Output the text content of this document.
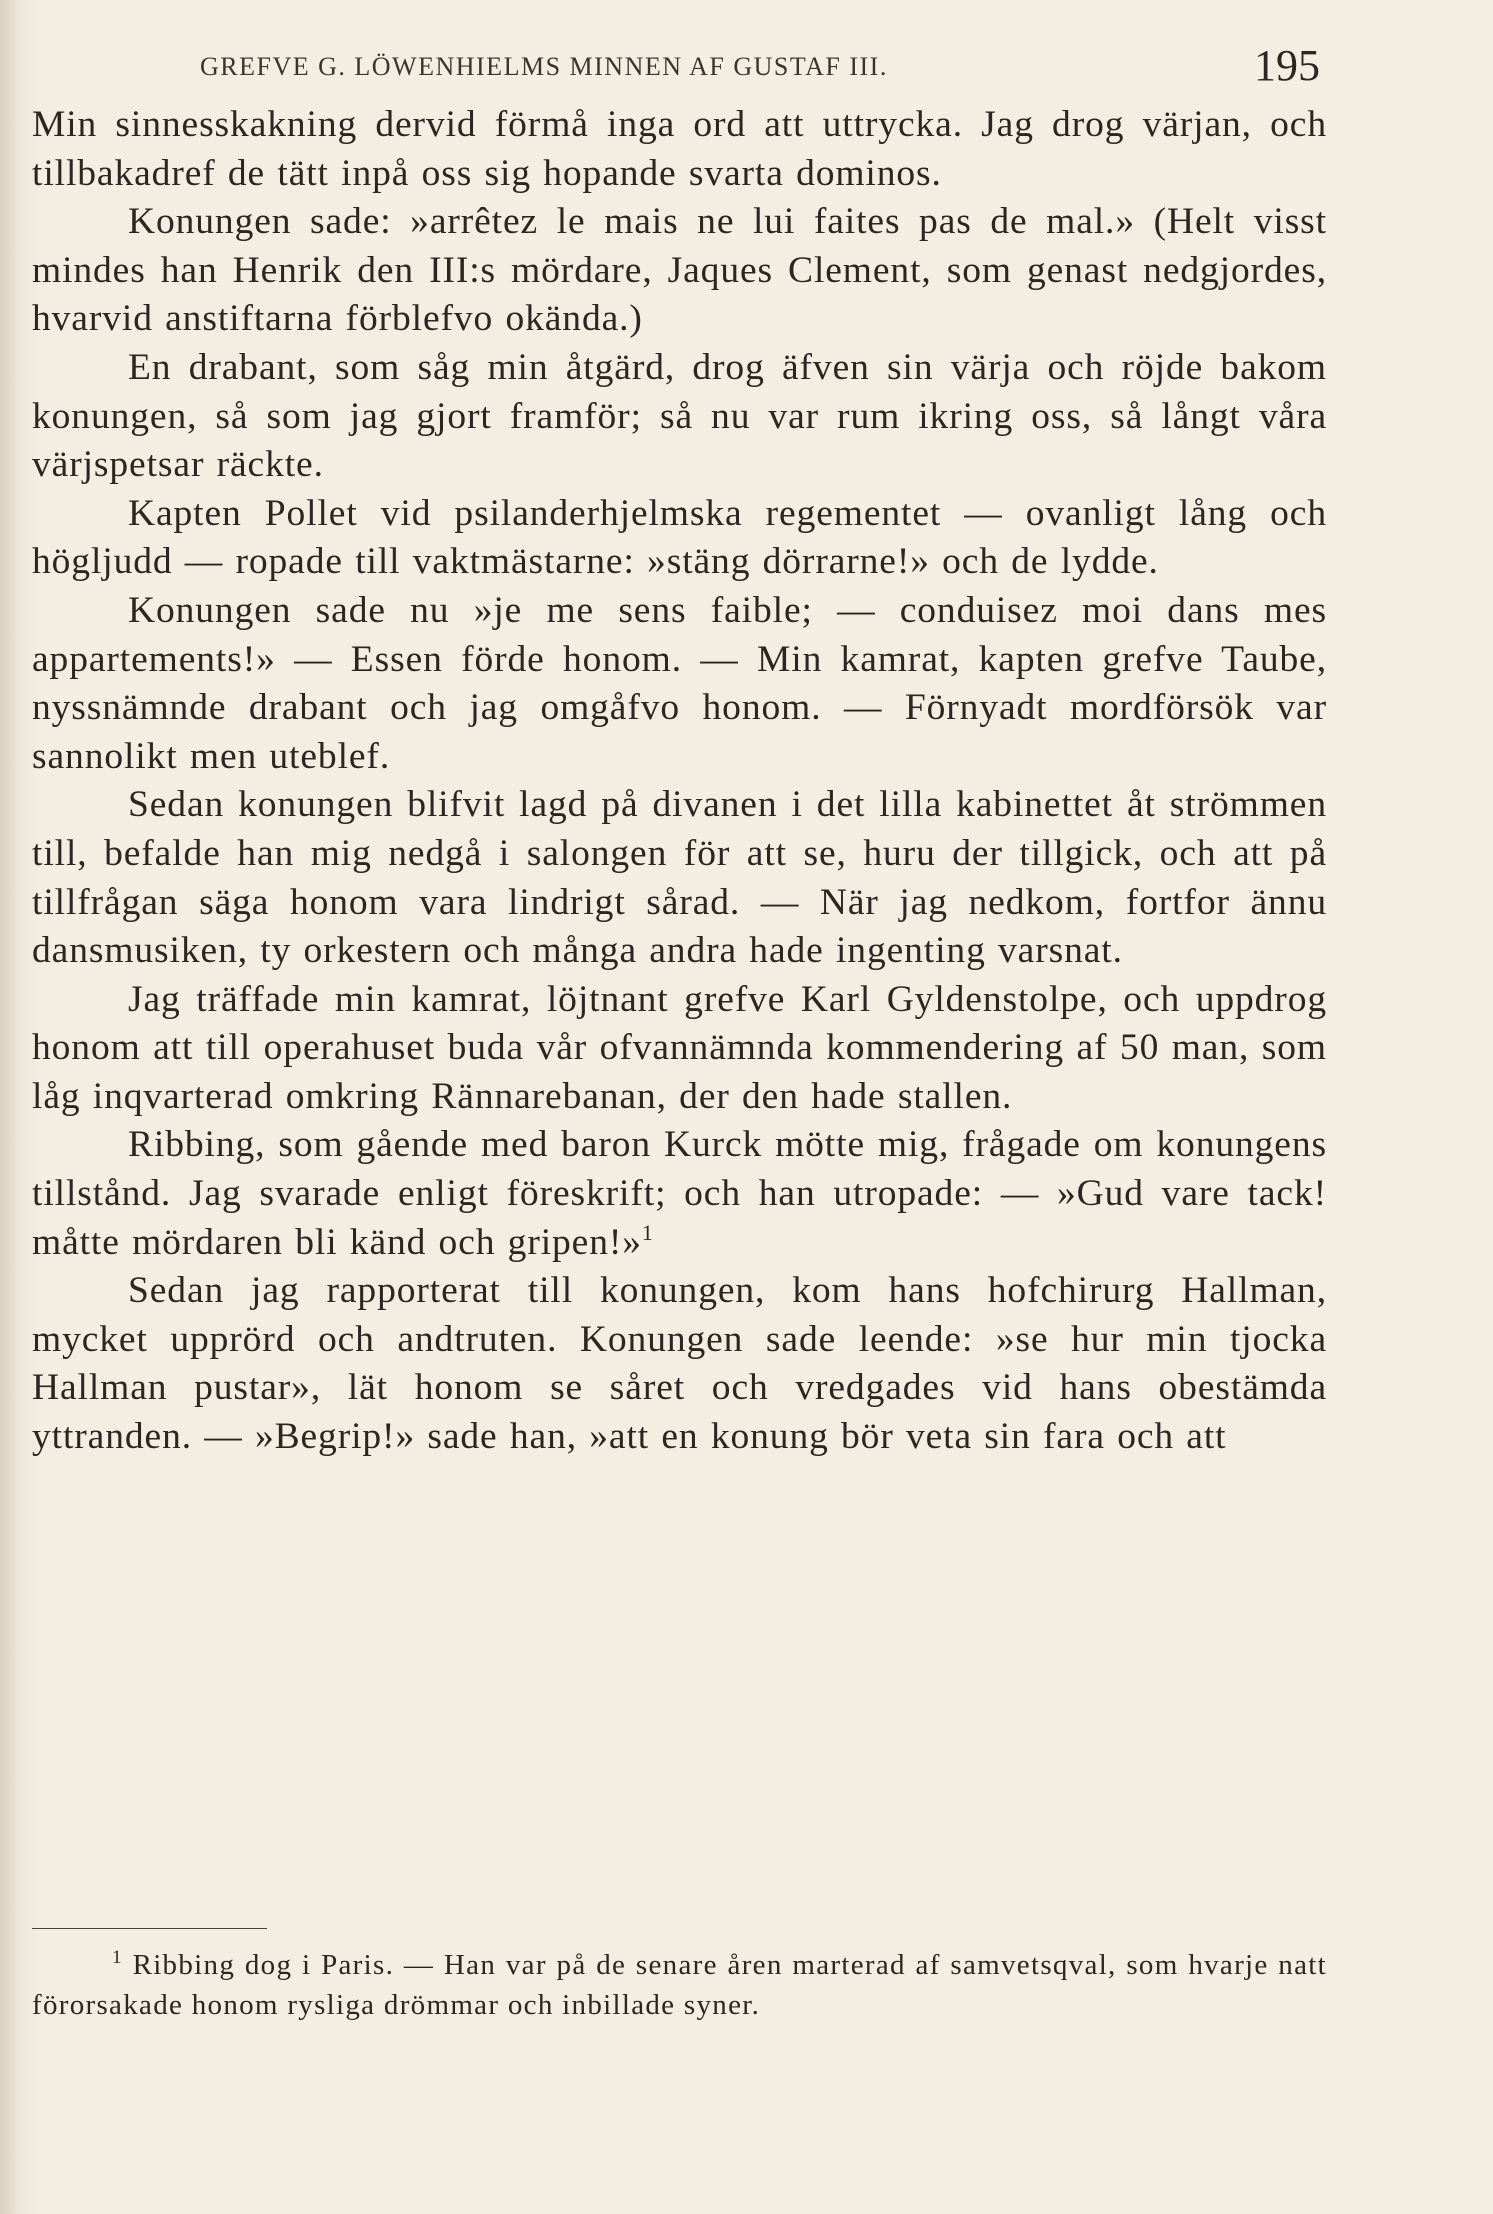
GREFVE G. LÖWENHIELMS MINNEN AF GUSTAF III.	195

Min sinnesskakning dervid förmå inga ord att uttrycka. Jag drog värjan, och tillbakadref de tätt inpå oss sig hopande svarta dominos.

Konungen sade: »arrêtez le mais ne lui faites pas de mal.» (Helt visst mindes han Henrik den III:s mördare, Jaques Clement, som genast nedgjordes, hvarvid anstiftarna förblefvo okända.)

En drabant, som såg min åtgärd, drog äfven sin värja och röjde bakom konungen, så som jag gjort framför; så nu var rum ikring oss, så långt våra värjspetsar räckte.

Kapten Pollet vid psilanderhjelmska regementet — ovanligt lång och högljudd — ropade till vaktmästarne: »stäng dörrarne!» och de lydde.

Konungen sade nu »je me sens faible; — conduisez moi dans mes appartements!» — Essen förde honom. — Min kamrat, kapten grefve Taube, nyssnämnde drabant och jag omgåfvo honom. — Förnyadt mordförsök var sannolikt men uteblef.

Sedan konungen blifvit lagd på divanen i det lilla kabinettet åt strömmen till, befalde han mig nedgå i salongen för att se, huru der tillgick, och att på tillfrågan säga honom vara lindrigt sårad. — När jag nedkom, fortfor ännu dansmusiken, ty orkestern och många andra hade ingenting varsnat.

Jag träffade min kamrat, löjtnant grefve Karl Gyldenstolpe, och uppdrog honom att till operahuset buda vår ofvannämnda kommendering af 50 man, som låg inqvarterad omkring Rännarebanan, der den hade stallen.

Ribbing, som gående med baron Kurck mötte mig, frågade om konungens tillstånd. Jag svarade enligt föreskrift; och han utropade: — »Gud vare tack! måtte mördaren bli känd och gripen!»$^1$

Sedan jag rapporterat till konungen, kom hans hofchirurg Hallman, mycket upprörd och andtruten. Konungen sade leende: »se hur min tjocka Hallman pustar», lät honom se såret och vredgades vid hans obestämda yttranden. — »Begrip!» sade han, »att en konung bör veta sin fara och att

$^1$ Ribbing dog i Paris. — Han var på de senare åren marterad af samvetsqval, som hvarje natt förorsakade honom rysliga drömmar och inbillade syner.
